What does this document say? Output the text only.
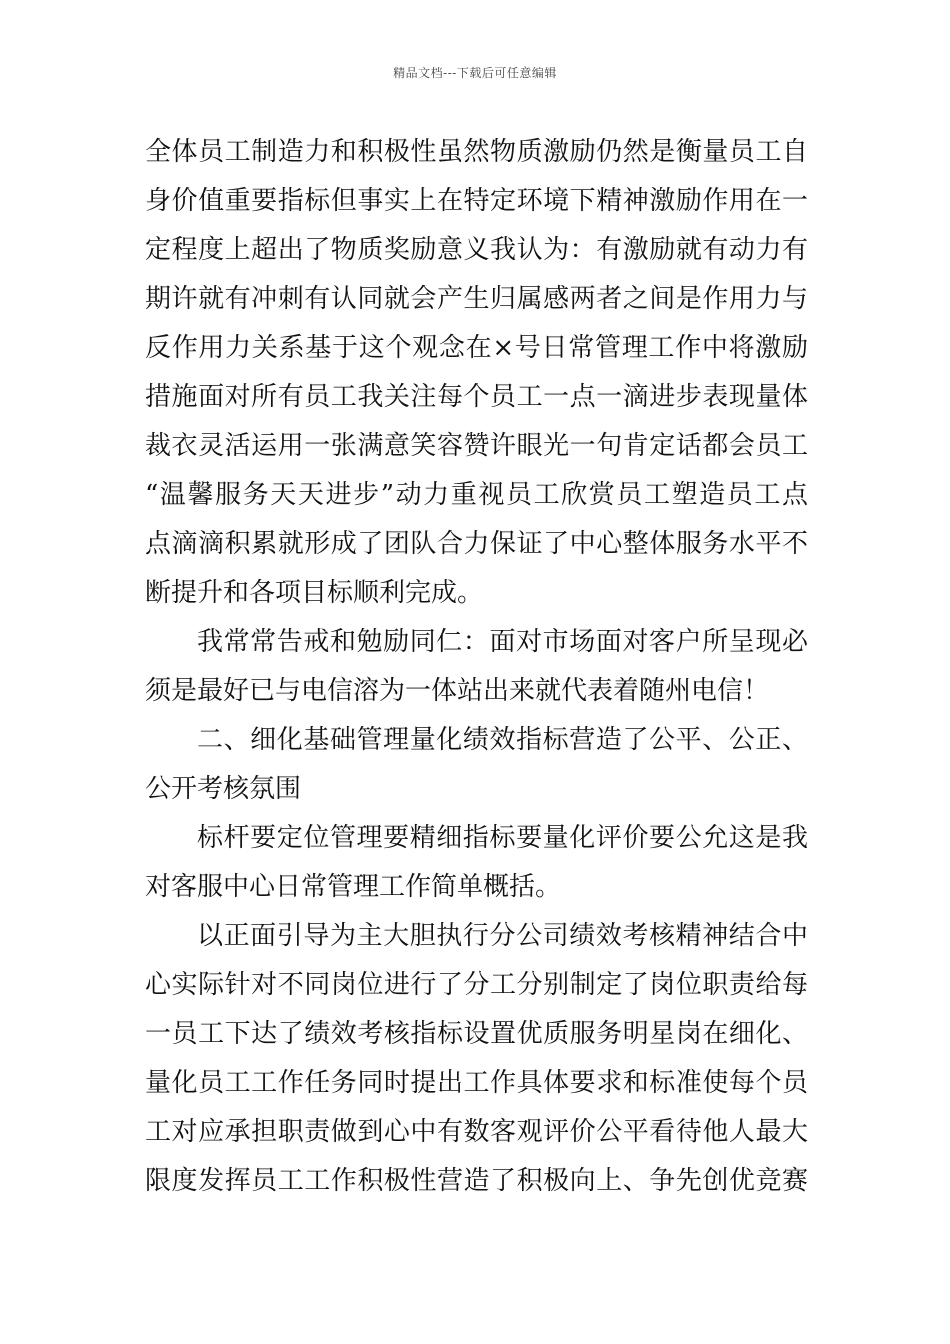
精品文档---下载后可任意编辑
全体员工制造力和积极性虽然物质激励仍然是衡量员工自
身价值重要指标但事实上在特定环境下精神激励作用在一
定程度上超出了物质奖励意义我认为：有激励就有动力有
期许就有冲刺有认同就会产生归属感两者之间是作用力与
反作用力关系基于这个观念在×号日常管理工作中将激励
措施面对所有员工我关注每个员工一点一滴进步表现量体
裁衣灵活运用一张满意笑容赞许眼光一句肯定话都会员工
“温馨服务天天进步”动力重视员工欣赏员工塑造员工点
点滴滴积累就形成了团队合力保证了中心整体服务水平不
断提升和各项目标顺利完成。
我常常告戒和勉励同仁：面对市场面对客户所呈现必
须是最好已与电信溶为一体站出来就代表着随州电信！
二、细化基础管理量化绩效指标营造了公平、公正、
公开考核氛围
标杆要定位管理要精细指标要量化评价要公允这是我
对客服中心日常管理工作简单概括。
以正面引导为主大胆执行分公司绩效考核精神结合中
心实际针对不同岗位进行了分工分别制定了岗位职责给每
一员工下达了绩效考核指标设置优质服务明星岗在细化、
量化员工工作任务同时提出工作具体要求和标准使每个员
工对应承担职责做到心中有数客观评价公平看待他人最大
限度发挥员工工作积极性营造了积极向上、争先创优竞赛
